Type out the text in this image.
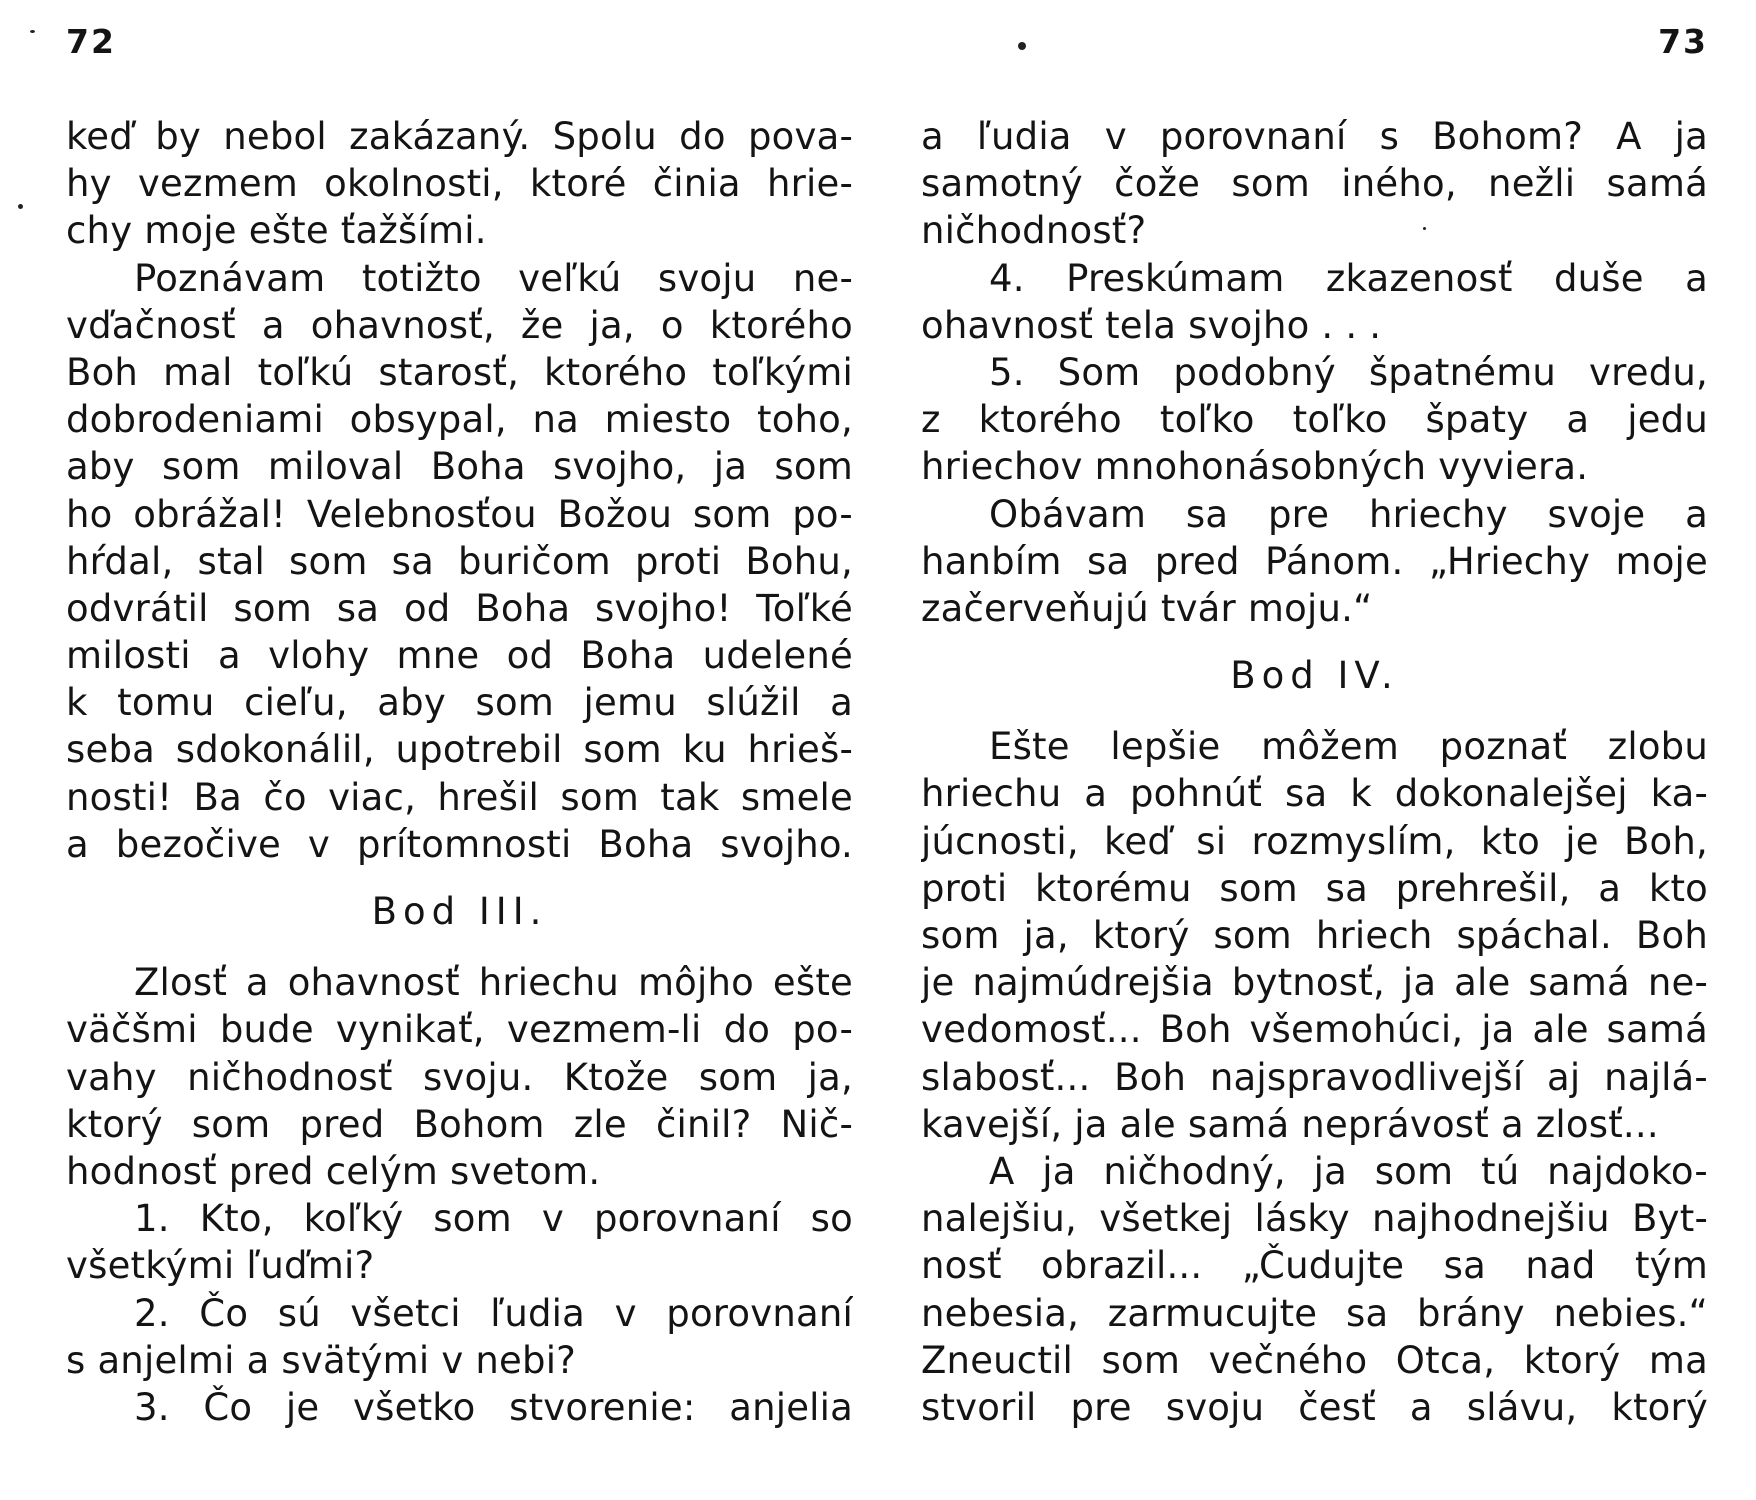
72
keď by nebol zakázaný. Spolu do pova-
hy vezmem okolnosti, ktoré činia hrie-
chy moje ešte ťažšími.
Poznávam totižto veľkú svoju ne-
vďačnosť a ohavnosť, že ja, o ktorého
Boh mal toľkú starosť, ktorého toľkými
dobrodeniami obsypal, na miesto toho,
aby som miloval Boha svojho, ja som
ho obrážal! Velebnosťou Božou som po-
hŕdal, stal som sa buričom proti Bohu,
odvrátil som sa od Boha svojho! Toľké
milosti a vlohy mne od Boha udelené
k tomu cieľu, aby som jemu slúžil a
seba sdokonálil, upotrebil som ku hrieš-
nosti! Ba čo viac, hrešil som tak smele
a bezočive v prítomnosti Boha svojho.
Bod III.
Zlosť a ohavnosť hriechu môjho ešte
väčšmi bude vynikať, vezmem-li do po-
vahy ničhodnosť svoju. Ktože som ja,
ktorý som pred Bohom zle činil? Nič-
hodnosť pred celým svetom.
1. Kto, koľký som v porovnaní so
všetkými ľuďmi?
2. Čo sú všetci ľudia v porovnaní
s anjelmi a svätými v nebi?
3. Čo je všetko stvorenie: anjelia
73
a ľudia v porovnaní s Bohom? A ja
samotný čože som iného, nežli samá
ničhodnosť?
4. Preskúmam zkazenosť duše a
ohavnosť tela svojho . . .
5. Som podobný špatnému vredu,
z ktorého toľko toľko špaty a jedu
hriechov mnohonásobných vyviera.
Obávam sa pre hriechy svoje a
hanbím sa pred Pánom. „Hriechy moje
začerveňujú tvár moju.“
Bod IV.
Ešte lepšie môžem poznať zlobu
hriechu a pohnúť sa k dokonalejšej ka-
júcnosti, keď si rozmyslím, kto je Boh,
proti ktorému som sa prehrešil, a kto
som ja, ktorý som hriech spáchal. Boh
je najmúdrejšia bytnosť, ja ale samá ne-
vedomosť... Boh všemohúci, ja ale samá
slabosť... Boh najspravodlivejší aj najlá-
kavejší, ja ale samá neprávosť a zlosť...
A ja ničhodný, ja som tú najdoko-
nalejšiu, všetkej lásky najhodnejšiu Byt-
nosť obrazil... „Čudujte sa nad tým
nebesia, zarmucujte sa brány nebies.“
Zneuctil som večného Otca, ktorý ma
stvoril pre svoju česť a slávu, ktorý
